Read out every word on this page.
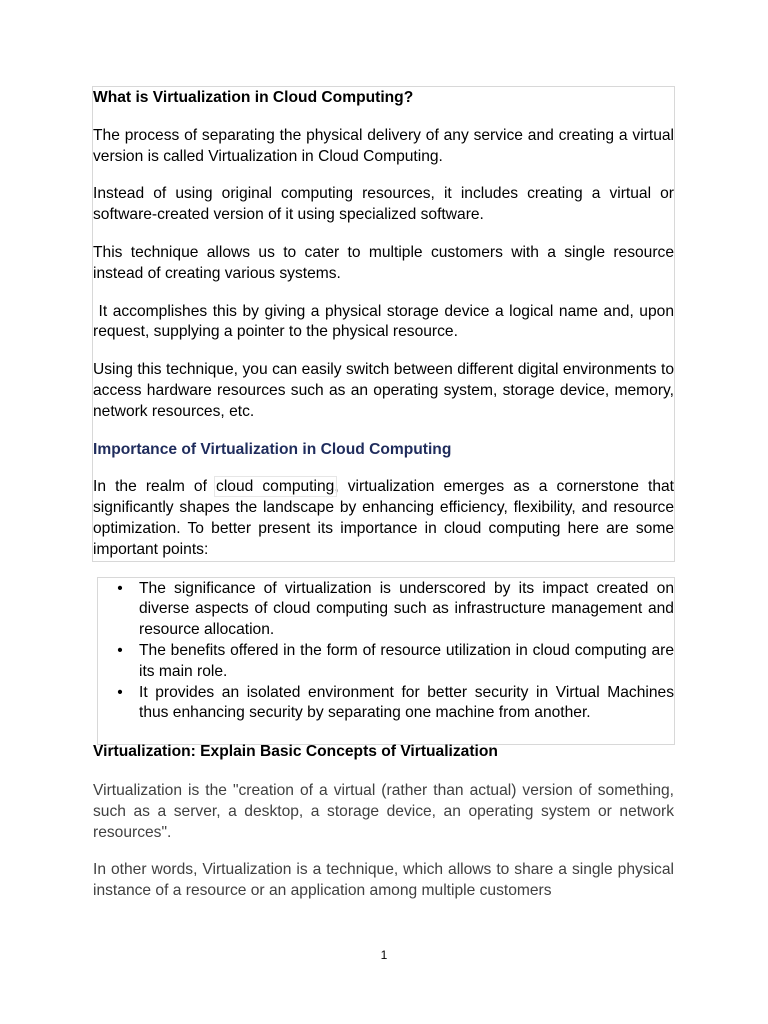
What is Virtualization in Cloud Computing?

The process of separating the physical delivery of any service and creating a virtual version is called Virtualization in Cloud Computing.

Instead of using original computing resources, it includes creating a virtual or software-created version of it using specialized software.

This technique allows us to cater to multiple customers with a single resource instead of creating various systems.

It accomplishes this by giving a physical storage device a logical name and, upon request, supplying a pointer to the physical resource.

Using this technique, you can easily switch between different digital environments to access hardware resources such as an operating system, storage device, memory, network resources, etc.

Importance of Virtualization in Cloud Computing

In the realm of cloud computing, virtualization emerges as a cornerstone that significantly shapes the landscape by enhancing efficiency, flexibility, and resource optimization. To better present its importance in cloud computing here are some important points:

• The significance of virtualization is underscored by its impact created on diverse aspects of cloud computing such as infrastructure management and resource allocation.
• The benefits offered in the form of resource utilization in cloud computing are its main role.
• It provides an isolated environment for better security in Virtual Machines thus enhancing security by separating one machine from another.

Virtualization: Explain Basic Concepts of Virtualization

Virtualization is the "creation of a virtual (rather than actual) version of something, such as a server, a desktop, a storage device, an operating system or network resources".

In other words, Virtualization is a technique, which allows to share a single physical instance of a resource or an application among multiple customers

1
